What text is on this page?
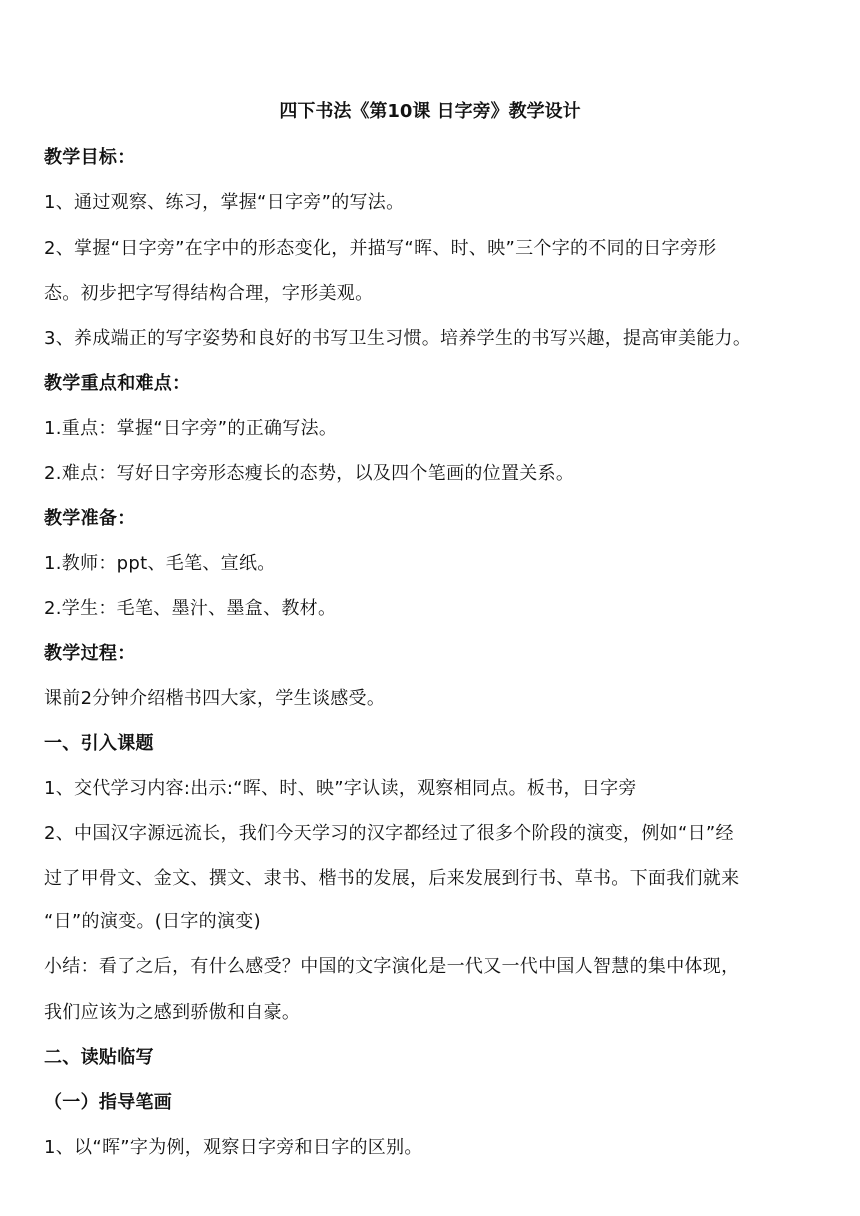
四下书法《第10课 日字旁》教学设计
教学目标：
1、通过观察、练习，掌握“日字旁”的写法。
2、掌握“日字旁”在字中的形态变化，并描写“晖、时、映”三个字的不同的日字旁形
态。初步把字写得结构合理，字形美观。
3、养成端正的写字姿势和良好的书写卫生习惯。培养学生的书写兴趣，提高审美能力。
教学重点和难点：
1.重点：掌握“日字旁”的正确写法。
2.难点：写好日字旁形态瘦长的态势，以及四个笔画的位置关系。
教学准备：
1.教师：ppt、毛笔、宣纸。
2.学生：毛笔、墨汁、墨盒、教材。
教学过程：
课前2分钟介绍楷书四大家，学生谈感受。
一、引入课题
1、交代学习内容:出示:“晖、时、映”字认读，观察相同点。板书，日字旁
2、中国汉字源远流长，我们今天学习的汉字都经过了很多个阶段的演变，例如“日”经
过了甲骨文、金文、撰文、隶书、楷书的发展，后来发展到行书、草书。下面我们就来
“日”的演变。(日字的演变)
小结：看了之后，有什么感受？中国的文字演化是一代又一代中国人智慧的集中体现，
我们应该为之感到骄傲和自豪。
二、读贴临写
（一）指导笔画
1、以“晖”字为例，观察日字旁和日字的区别。
